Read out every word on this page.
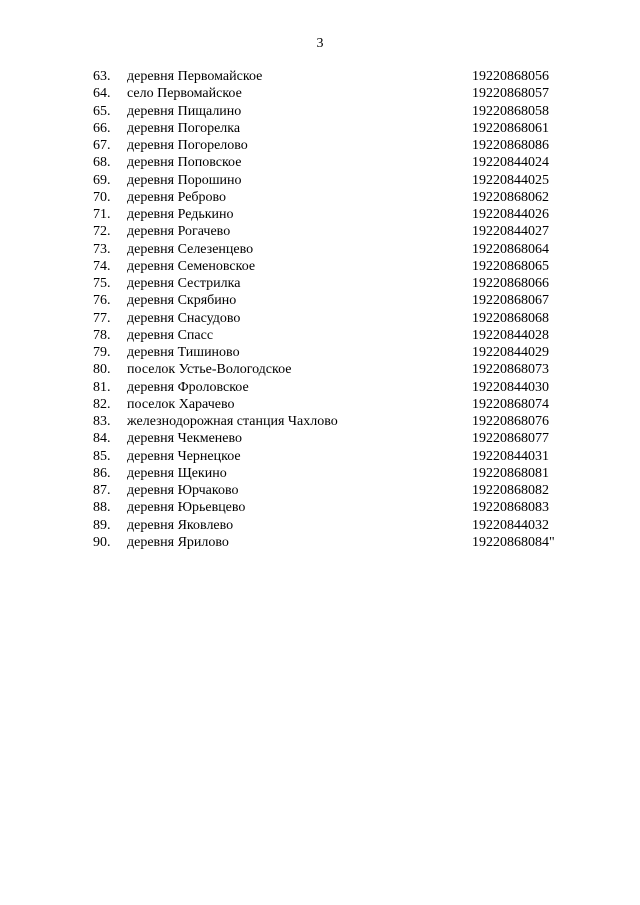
3
63.	деревня Первомайское	19220868056
64.	село Первомайское	19220868057
65.	деревня Пищалино	19220868058
66.	деревня Погорелка	19220868061
67.	деревня Погорелово	19220868086
68.	деревня Поповское	19220844024
69.	деревня Порошино	19220844025
70.	деревня Реброво	19220868062
71.	деревня Редькино	19220844026
72.	деревня Рогачево	19220844027
73.	деревня Селезенцево	19220868064
74.	деревня Семеновское	19220868065
75.	деревня Сестрилка	19220868066
76.	деревня Скрябино	19220868067
77.	деревня Снасудово	19220868068
78.	деревня Спасс	19220844028
79.	деревня Тишиново	19220844029
80.	поселок Устье-Вологодское	19220868073
81.	деревня Фроловское	19220844030
82.	поселок Харачево	19220868074
83.	железнодорожная станция Чахлово	19220868076
84.	деревня Чекменево	19220868077
85.	деревня Чернецкое	19220844031
86.	деревня Щекино	19220868081
87.	деревня Юрчаково	19220868082
88.	деревня Юрьевцево	19220868083
89.	деревня Яковлево	19220844032
90.	деревня Ярилово	19220868084"
